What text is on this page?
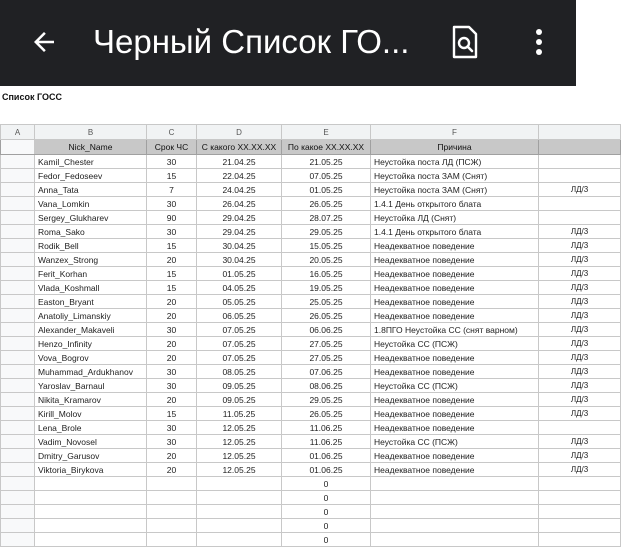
Черный Список ГО...
Список ГОСС
A	B	C	D	E	F	
	Nick_Name	Срок ЧС	С какого XX.XX.XX	По какое XX.XX.XX	Причина	
	Kamil_Chester	30	21.04.25	21.05.25	Неустойка поста ЛД (ПСЖ)	
	Fedor_Fedoseev	15	22.04.25	07.05.25	Неустойка поста ЗАМ (Снят)	
	Anna_Tata	7	24.04.25	01.05.25	Неустойка поста ЗАМ (Снят)	ЛД/3
	Vana_Lomkin	30	26.04.25	26.05.25	1.4.1 День открытого блата	
	Sergey_Glukharev	90	29.04.25	28.07.25	Неустойка ЛД (Снят)	
	Roma_Sako	30	29.04.25	29.05.25	1.4.1 День открытого блата	ЛД/3
	Rodik_Bell	15	30.04.25	15.05.25	Неадекватное поведение	ЛД/3
	Wanzex_Strong	20	30.04.25	20.05.25	Неадекватное поведение	ЛД/3
	Ferit_Korhan	15	01.05.25	16.05.25	Неадекватное поведение	ЛД/3
	Vlada_Koshmall	15	04.05.25	19.05.25	Неадекватное поведение	ЛД/3
	Easton_Bryant	20	05.05.25	25.05.25	Неадекватное поведение	ЛД/3
	Anatoliy_Limanskiy	20	06.05.25	26.05.25	Неадекватное поведение	ЛД/3
	Alexander_Makaveli	30	07.05.25	06.06.25	1.8ПГО Неустойка СС (снят варном)	ЛД/3
	Henzo_Infinity	20	07.05.25	27.05.25	Неустойка СС (ПСЖ)	ЛД/3
	Vova_Bogrov	20	07.05.25	27.05.25	Неадекватное поведение	ЛД/3
	Muhammad_Ardukhanov	30	08.05.25	07.06.25	Неадекватное поведение	ЛД/3
	Yaroslav_Barnaul	30	09.05.25	08.06.25	Неустойка СС (ПСЖ)	ЛД/3
	Nikita_Kramarov	20	09.05.25	29.05.25	Неадекватное поведение	ЛД/3
	Kirill_Molov	15	11.05.25	26.05.25	Неадекватное поведение	ЛД/3
	Lena_Brole	30	12.05.25	11.06.25	Неадекватное поведение	
	Vadim_Novosel	30	12.05.25	11.06.25	Неустойка СС (ПСЖ)	ЛД/3
	Dmitry_Garusov	20	12.05.25	01.06.25	Неадекватное поведение	ЛД/3
	Viktoria_Birykova	20	12.05.25	01.06.25	Неадекватное поведение	ЛД/3
				0		
				0		
				0		
				0		
				0		
